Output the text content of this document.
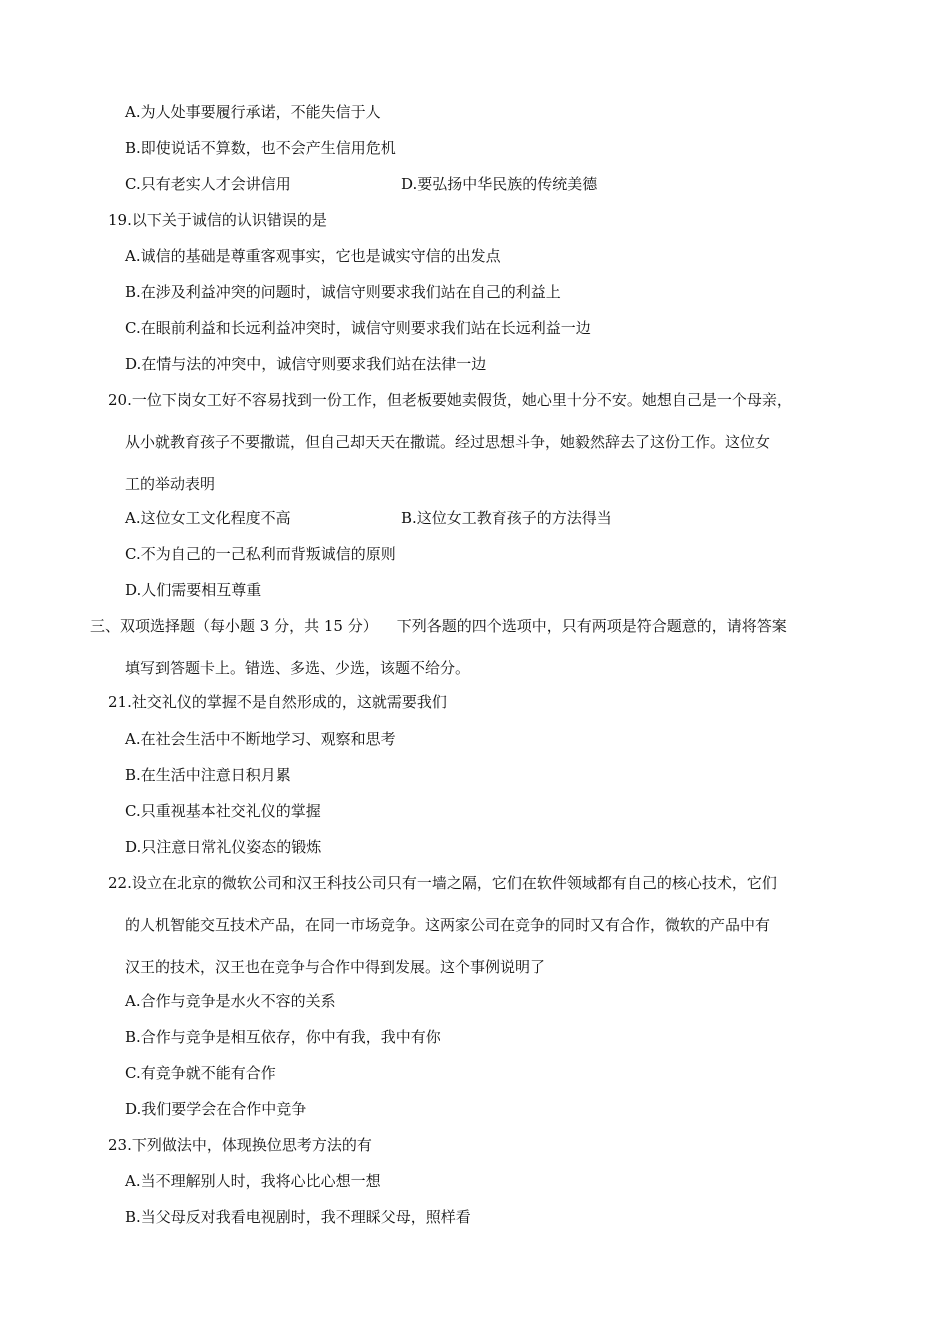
A.为人处事要履行承诺，不能失信于人
B.即使说话不算数，也不会产生信用危机
C.只有老实人才会讲信用	D.要弘扬中华民族的传统美德
19.以下关于诚信的认识错误的是
A.诚信的基础是尊重客观事实，它也是诚实守信的出发点
B.在涉及利益冲突的问题时，诚信守则要求我们站在自己的利益上
C.在眼前利益和长远利益冲突时，诚信守则要求我们站在长远利益一边
D.在情与法的冲突中，诚信守则要求我们站在法律一边
20.一位下岗女工好不容易找到一份工作，但老板要她卖假货，她心里十分不安。她想自己是一个母亲，
从小就教育孩子不要撒谎，但自己却天天在撒谎。经过思想斗争，她毅然辞去了这份工作。这位女
工的举动表明
A.这位女工文化程度不高	B.这位女工教育孩子的方法得当
C.不为自己的一己私利而背叛诚信的原则
D.人们需要相互尊重
三、双项选择题（每小题 3 分，共 15 分）    下列各题的四个选项中，只有两项是符合题意的，请将答案
填写到答题卡上。错选、多选、少选，该题不给分。
21.社交礼仪的掌握不是自然形成的，这就需要我们
A.在社会生活中不断地学习、观察和思考
B.在生活中注意日积月累
C.只重视基本社交礼仪的掌握
D.只注意日常礼仪姿态的锻炼
22.设立在北京的微软公司和汉王科技公司只有一墙之隔，它们在软件领域都有自己的核心技术，它们
的人机智能交互技术产品，在同一市场竞争。这两家公司在竞争的同时又有合作，微软的产品中有
汉王的技术，汉王也在竞争与合作中得到发展。这个事例说明了
A.合作与竞争是水火不容的关系
B.合作与竞争是相互依存，你中有我，我中有你
C.有竞争就不能有合作
D.我们要学会在合作中竞争
23.下列做法中，体现换位思考方法的有
A.当不理解别人时，我将心比心想一想
B.当父母反对我看电视剧时，我不理睬父母，照样看
